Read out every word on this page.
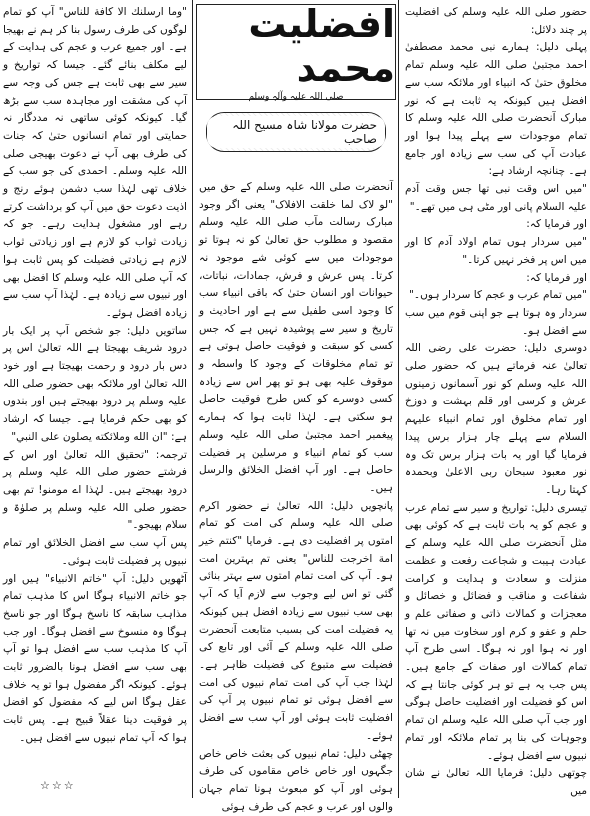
حضور صلی اللہ علیہ وسلم کی افضلیت پر چند دلائل:

پہلی دلیل: ہمارے نبی محمد مصطفیٰ احمد مجتبیٰ صلی اللہ علیہ وسلم تمام مخلوق حتیٰ کہ انبیاء اور ملائکہ سب سے افضل ہیں کیونکہ یہ ثابت ہے کہ نور مبارک آنحضرت صلی اللہ علیہ وسلم کا تمام موجودات سے پہلے پیدا ہوا اور عبادت آپ کی سب سے زیادہ اور جامع ہے۔ چنانچہ ارشاد ہے:

"میں اس وقت نبی تھا جس وقت آدم علیہ السلام پانی اور مٹی ہی میں تھے۔"

اور فرمایا کہ:

"میں سردار ہوں تمام اولاد آدم کا اور میں اس پر فخر نہیں کرتا۔"

اور فرمایا کہ:

"میں تمام عرب و عجم کا سردار ہوں۔"

سردار وہ ہوتا ہے جو اپنی قوم میں سب سے افضل ہو۔

دوسری دلیل: حضرت علی رضی اللہ تعالیٰ عنہ فرماتے ہیں کہ حضور صلی اللہ علیہ وسلم کو نور آسمانوں زمینوں عرش و کرسی اور قلم بہشت و دوزخ اور تمام مخلوق اور تمام انبیاء علیہم السلام سے پہلے چار ہزار برس پیدا فرمایا گیا اور یہ بات ہزار برس تک وہ نور معبود سبحان ربی الاعلیٰ وبحمدہ کہتا رہا۔

تیسری دلیل: تواریخ و سیر سے تمام عرب و عجم کو یہ بات ثابت ہے کہ کوئی بھی مثل آنحضرت صلی اللہ علیہ وسلم کے عبادت ہیبت و شجاعت رفعت و عظمت منزلت و سعادت و ہدایت و کرامت شفاعت و مناقب و فضائل و خصائل و معجزات و کمالات ذاتی و صفاتی علم و حلم و عفو و کرم اور سخاوت میں نہ تھا اور نہ ہوا اور نہ ہوگا۔ اسی طرح آپ تمام کمالات اور صفات کے جامع ہیں۔ پس جب یہ ہے تو ہر کوئی جانتا ہے کہ اس کو فضیلت اور افضلیت حاصل ہوگی اور جب آپ صلی اللہ علیہ وسلم ان تمام وجوہات کی بنا پر تمام ملائکہ اور تمام نبیوں سے افضل ہوئے۔

چوتھی دلیل: فرمایا اللہ تعالیٰ نے شان میں

افضلیت محمد
صلی اللہ علیہ وآلہٖ وسلم
حضرت مولانا شاہ مسیح اللہ صاحب

آنحضرت صلی اللہ علیہ وسلم کے حق میں "لو لاک لما خلقت الافلاک" یعنی اگر وجود مبارک رسالت مآب صلی اللہ علیہ وسلم مقصود و مطلوب حق تعالیٰ کو نہ ہوتا تو موجودات میں سے کوئی شے موجود نہ کرتا۔ پس عرش و فرش، جمادات، نباتات، حیوانات اور انسان حتیٰ کہ باقی انبیاء سب کا وجود اسی طفیل سے ہے اور احادیث و تاریخ و سیر سے پوشیدہ نہیں ہے کہ جس کسی کو سبقت و فوقیت حاصل ہوتی ہے تو تمام مخلوقات کے وجود کا واسطہ و موقوف علیہ بھی ہو تو پھر اس سے زیادہ کسی دوسرے کو کس طرح فوقیت حاصل ہو سکتی ہے۔ لہٰذا ثابت ہوا کہ ہمارے پیغمبر احمد مجتبیٰ صلی اللہ علیہ وسلم سب کو تمام انبیاء و مرسلین پر فضیلت حاصل ہے۔ اور آپ افضل الخلائق والرسل ہیں۔

پانچویں دلیل: اللہ تعالیٰ نے حضور اکرم صلی اللہ علیہ وسلم کی امت کو تمام امتوں پر افضلیت دی ہے۔ فرمایا "كنتم خير امة اخرجت للناس" یعنی تم بہترین امت ہو۔ آپ کی امت تمام امتوں سے بہتر بنائی گئی تو اس لیے وجوب سے لازم آیا کہ آپ بھی سب نبیوں سے زیادہ افضل ہیں کیونکہ یہ فضیلت امت کی بسبب متابعت آنحضرت صلی اللہ علیہ وسلم کے آئی اور تابع کی فضیلت سے متبوع کی فضیلت ظاہر ہے۔ لہٰذا جب آپ کی امت تمام نبیوں کی امت سے افضل ہوئی تو تمام نبیوں پر آپ کی افضلیت ثابت ہوئی اور آپ سب سے افضل ہوئے۔

چھٹی دلیل: تمام نبیوں کی بعثت خاص خاص جگہوں اور خاص خاص مقاموں کی طرف ہوئی اور آپ کو مبعوث ہونا تمام جہان والوں اور عرب و عجم کی طرف ہوئی

"وما ارسلنك الا كافة للناس" آپ کو تمام لوگوں کی طرف رسول بنا کر ہم نے بھیجا ہے۔ اور جمیع عرب و عجم کی ہدایت کے لیے مکلف بنائے گئے۔ جیسا کہ تواریخ و سیر سے بھی ثابت ہے جس کی وجہ سے آپ کی مشقت اور مجاہدہ سب سے بڑھ گیا۔ کیونکہ کوئی ساتھی نہ مددگار نہ حمایتی اور تمام انسانوں حتیٰ کہ جنات کی طرف بھی آپ نے دعوت بھیجی صلی اللہ علیہ وسلم۔ احمدی کی جو سب کے خلاف تھی لہٰذا سب دشمن ہوئے رنج و اذیت دعوت حق میں آپ کو برداشت کرتے رہے اور مشغول ہدایت رہے۔ جو کہ زیادت ثواب کو لازم ہے اور زیادتی ثواب لازم ہے زیادتی فضیلت کو پس ثابت ہوا کہ آپ صلی اللہ علیہ وسلم کا افضل بھی اور نبیوں سے زیادہ ہے۔ لہٰذا آپ سب سے زیادہ افضل ہوئے۔

ساتویں دلیل: جو شخص آپ پر ایک بار درود شریف بھیجتا ہے اللہ تعالیٰ اس پر دس بار درود و رحمت بھیجتا ہے اور خود اللہ تعالیٰ اور ملائکہ بھی حضور صلی اللہ علیہ وسلم پر درود بھیجتے ہیں اور بندوں کو بھی حکم فرمایا ہے۔ جیسا کہ ارشاد ہے: "ان الله وملائكته يصلون على النبي"

ترجمہ: "تحقیق اللہ تعالیٰ اور اس کے فرشتے حضور صلی اللہ علیہ وسلم پر درود بھیجتے ہیں۔ لہٰذا اے مومنو! تم بھی حضور صلی اللہ علیہ وسلم پر صلوٰۃ و سلام بھیجو۔"

پس آپ سب سے افضل الخلائق اور تمام نبیوں پر فضیلت ثابت ہوئی۔

آٹھویں دلیل: آپ "خاتم الانبیاء" ہیں اور جو خاتم الانبیاء ہوگا اس کا مذہب تمام مذاہب سابقہ کا ناسخ ہوگا اور جو ناسخ ہوگا وہ منسوخ سے افضل ہوگا۔ اور جب آپ کا مذہب سب سے افضل ہوا تو آپ بھی سب سے افضل ہونا بالضرور ثابت ہوئے۔ کیونکہ اگر مفضول ہوا تو یہ خلاف عقل ہوگا اس لیے کہ مفضول کو افضل پر فوقیت دینا عقلاً قبیح ہے۔ پس ثابت ہوا کہ آپ تمام نبیوں سے افضل ہیں۔

☆☆☆
